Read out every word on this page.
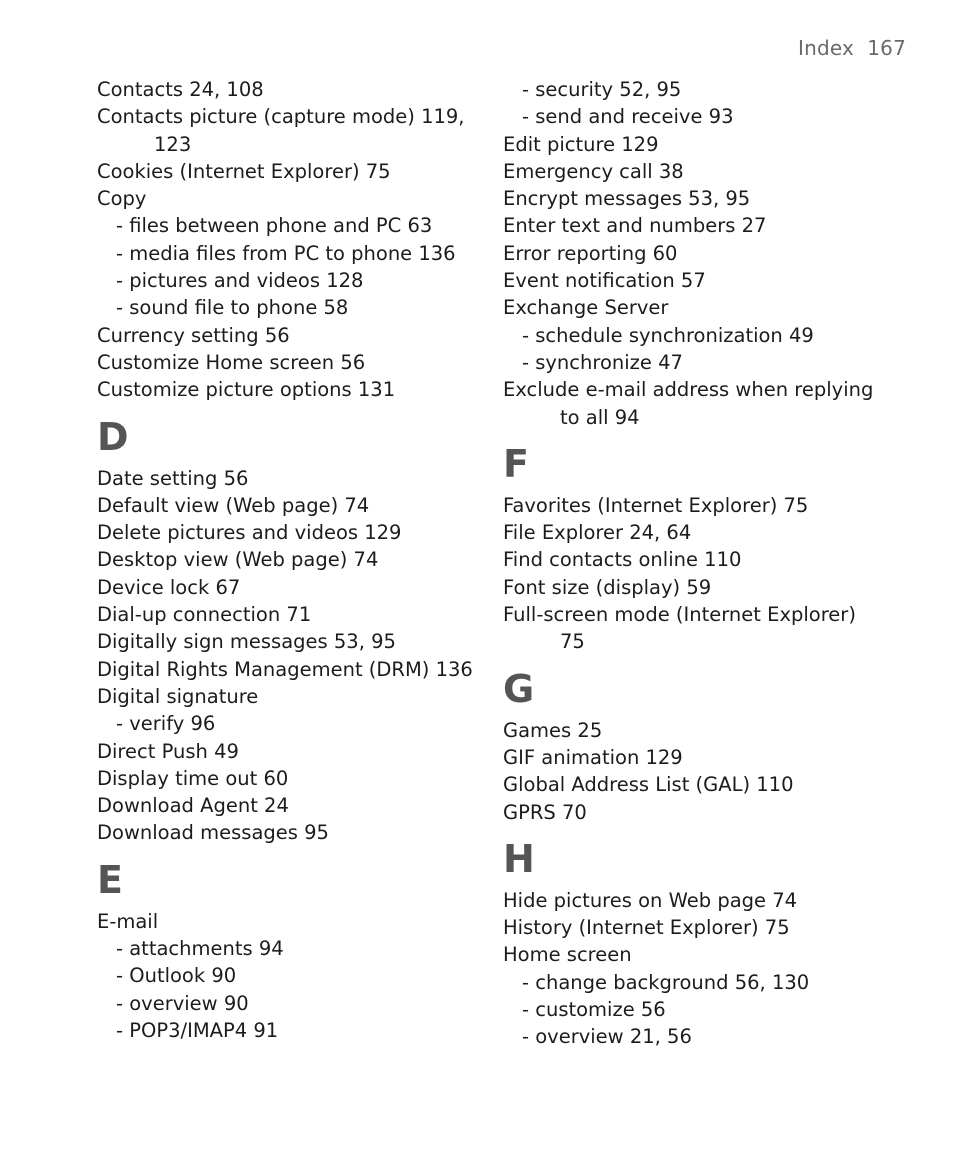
Index 167
Contacts 24, 108
Contacts picture (capture mode) 119,
123
Cookies (Internet Explorer) 75
Copy
- files between phone and PC 63
- media files from PC to phone 136
- pictures and videos 128
- sound file to phone 58
Currency setting 56
Customize Home screen 56
Customize picture options 131
D
Date setting 56
Default view (Web page) 74
Delete pictures and videos 129
Desktop view (Web page) 74
Device lock 67
Dial-up connection 71
Digitally sign messages 53, 95
Digital Rights Management (DRM) 136
Digital signature
- verify 96
Direct Push 49
Display time out 60
Download Agent 24
Download messages 95
E
E-mail
- attachments 94
- Outlook 90
- overview 90
- POP3/IMAP4 91
- security 52, 95
- send and receive 93
Edit picture 129
Emergency call 38
Encrypt messages 53, 95
Enter text and numbers 27
Error reporting 60
Event notification 57
Exchange Server
- schedule synchronization 49
- synchronize 47
Exclude e-mail address when replying
to all 94
F
Favorites (Internet Explorer) 75
File Explorer 24, 64
Find contacts online 110
Font size (display) 59
Full-screen mode (Internet Explorer)
75
G
Games 25
GIF animation 129
Global Address List (GAL) 110
GPRS 70
H
Hide pictures on Web page 74
History (Internet Explorer) 75
Home screen
- change background 56, 130
- customize 56
- overview 21, 56
